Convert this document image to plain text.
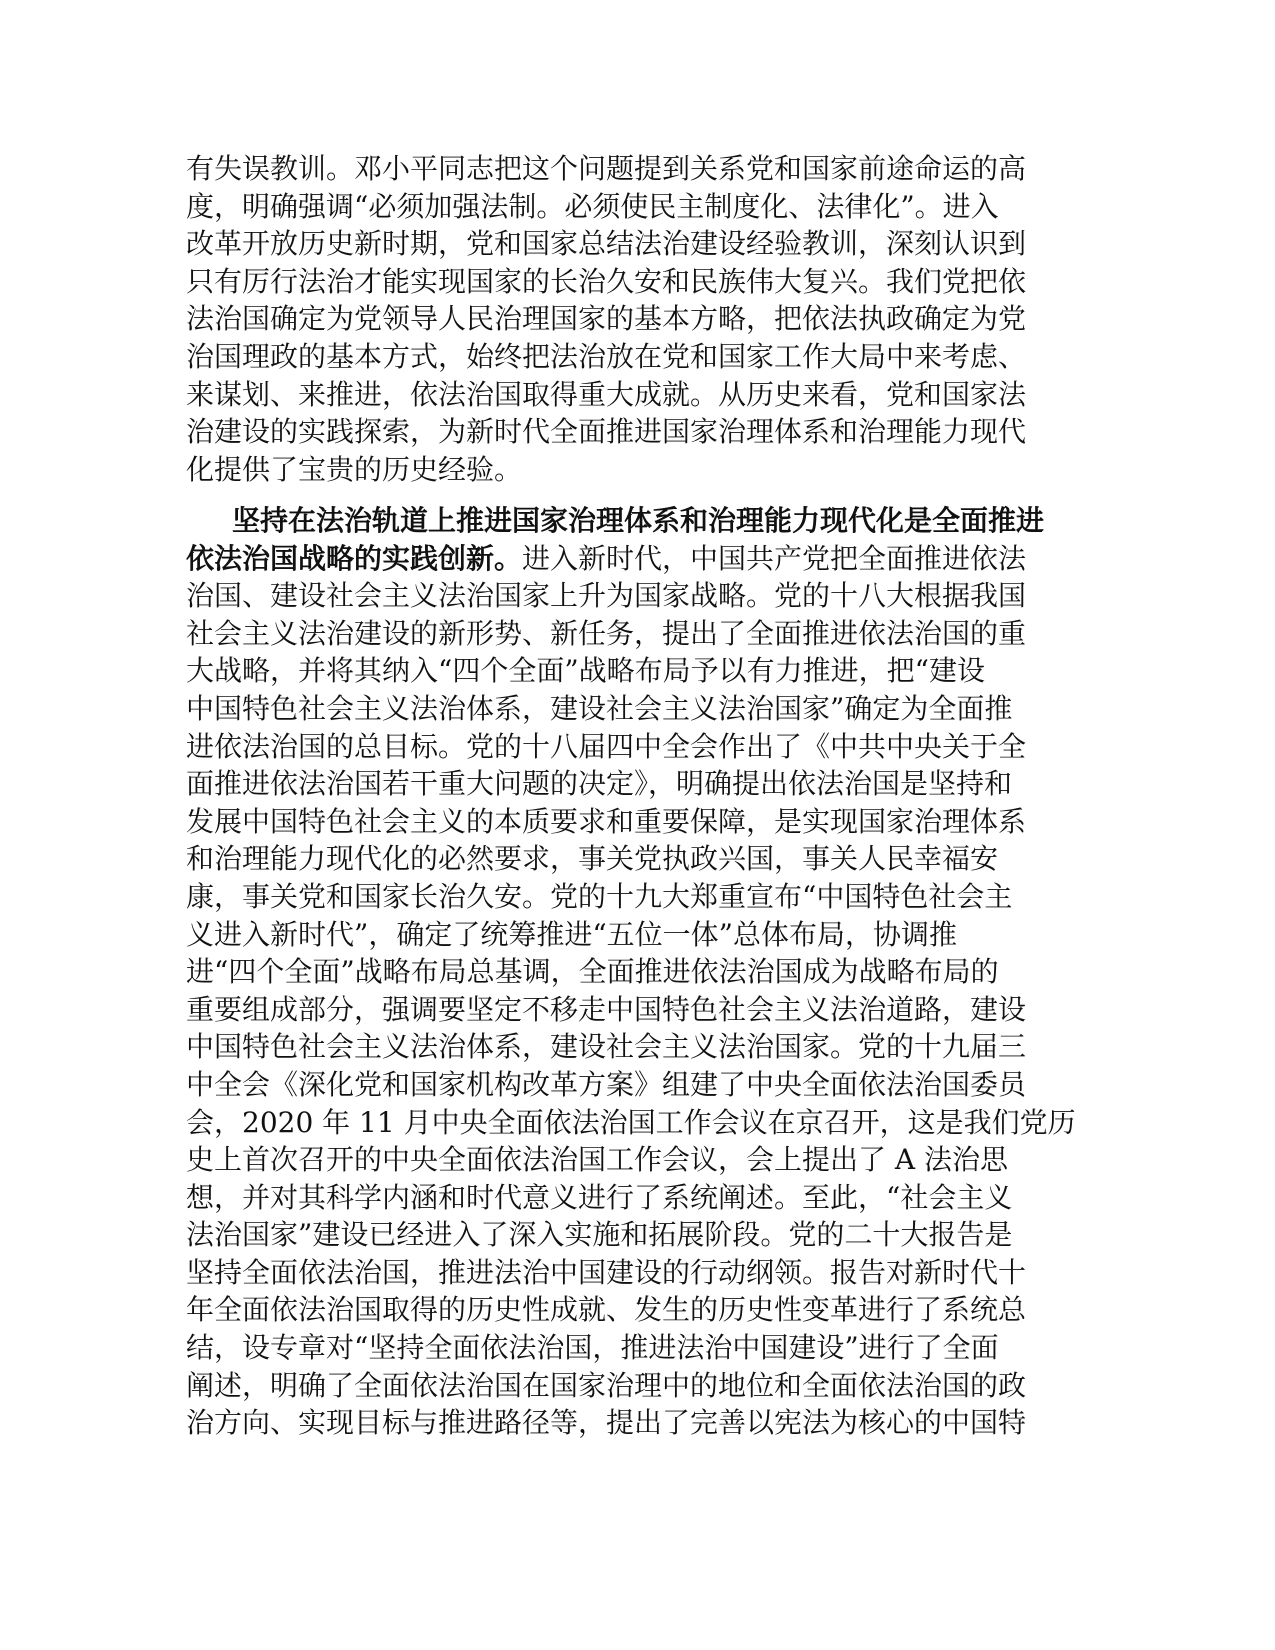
有失误教训。邓小平同志把这个问题提到关系党和国家前途命运的高
度，明确强调“必须加强法制。必须使民主制度化、法律化”。进入
改革开放历史新时期，党和国家总结法治建设经验教训，深刻认识到
只有厉行法治才能实现国家的长治久安和民族伟大复兴。我们党把依
法治国确定为党领导人民治理国家的基本方略，把依法执政确定为党
治国理政的基本方式，始终把法治放在党和国家工作大局中来考虑、
来谋划、来推进，依法治国取得重大成就。从历史来看，党和国家法
治建设的实践探索，为新时代全面推进国家治理体系和治理能力现代
化提供了宝贵的历史经验。
坚持在法治轨道上推进国家治理体系和治理能力现代化是全面推进
依法治国战略的实践创新。进入新时代，中国共产党把全面推进依法
治国、建设社会主义法治国家上升为国家战略。党的十八大根据我国
社会主义法治建设的新形势、新任务，提出了全面推进依法治国的重
大战略，并将其纳入“四个全面”战略布局予以有力推进，把“建设
中国特色社会主义法治体系，建设社会主义法治国家”确定为全面推
进依法治国的总目标。党的十八届四中全会作出了《中共中央关于全
面推进依法治国若干重大问题的决定》，明确提出依法治国是坚持和
发展中国特色社会主义的本质要求和重要保障，是实现国家治理体系
和治理能力现代化的必然要求，事关党执政兴国，事关人民幸福安
康，事关党和国家长治久安。党的十九大郑重宣布“中国特色社会主
义进入新时代”，确定了统筹推进“五位一体”总体布局，协调推
进“四个全面”战略布局总基调，全面推进依法治国成为战略布局的
重要组成部分，强调要坚定不移走中国特色社会主义法治道路，建设
中国特色社会主义法治体系，建设社会主义法治国家。党的十九届三
中全会《深化党和国家机构改革方案》组建了中央全面依法治国委员
会，2020 年 11 月中央全面依法治国工作会议在京召开，这是我们党历
史上首次召开的中央全面依法治国工作会议，会上提出了 A 法治思
想，并对其科学内涵和时代意义进行了系统阐述。至此，“社会主义
法治国家”建设已经进入了深入实施和拓展阶段。党的二十大报告是
坚持全面依法治国，推进法治中国建设的行动纲领。报告对新时代十
年全面依法治国取得的历史性成就、发生的历史性变革进行了系统总
结，设专章对“坚持全面依法治国，推进法治中国建设”进行了全面
阐述，明确了全面依法治国在国家治理中的地位和全面依法治国的政
治方向、实现目标与推进路径等，提出了完善以宪法为核心的中国特
